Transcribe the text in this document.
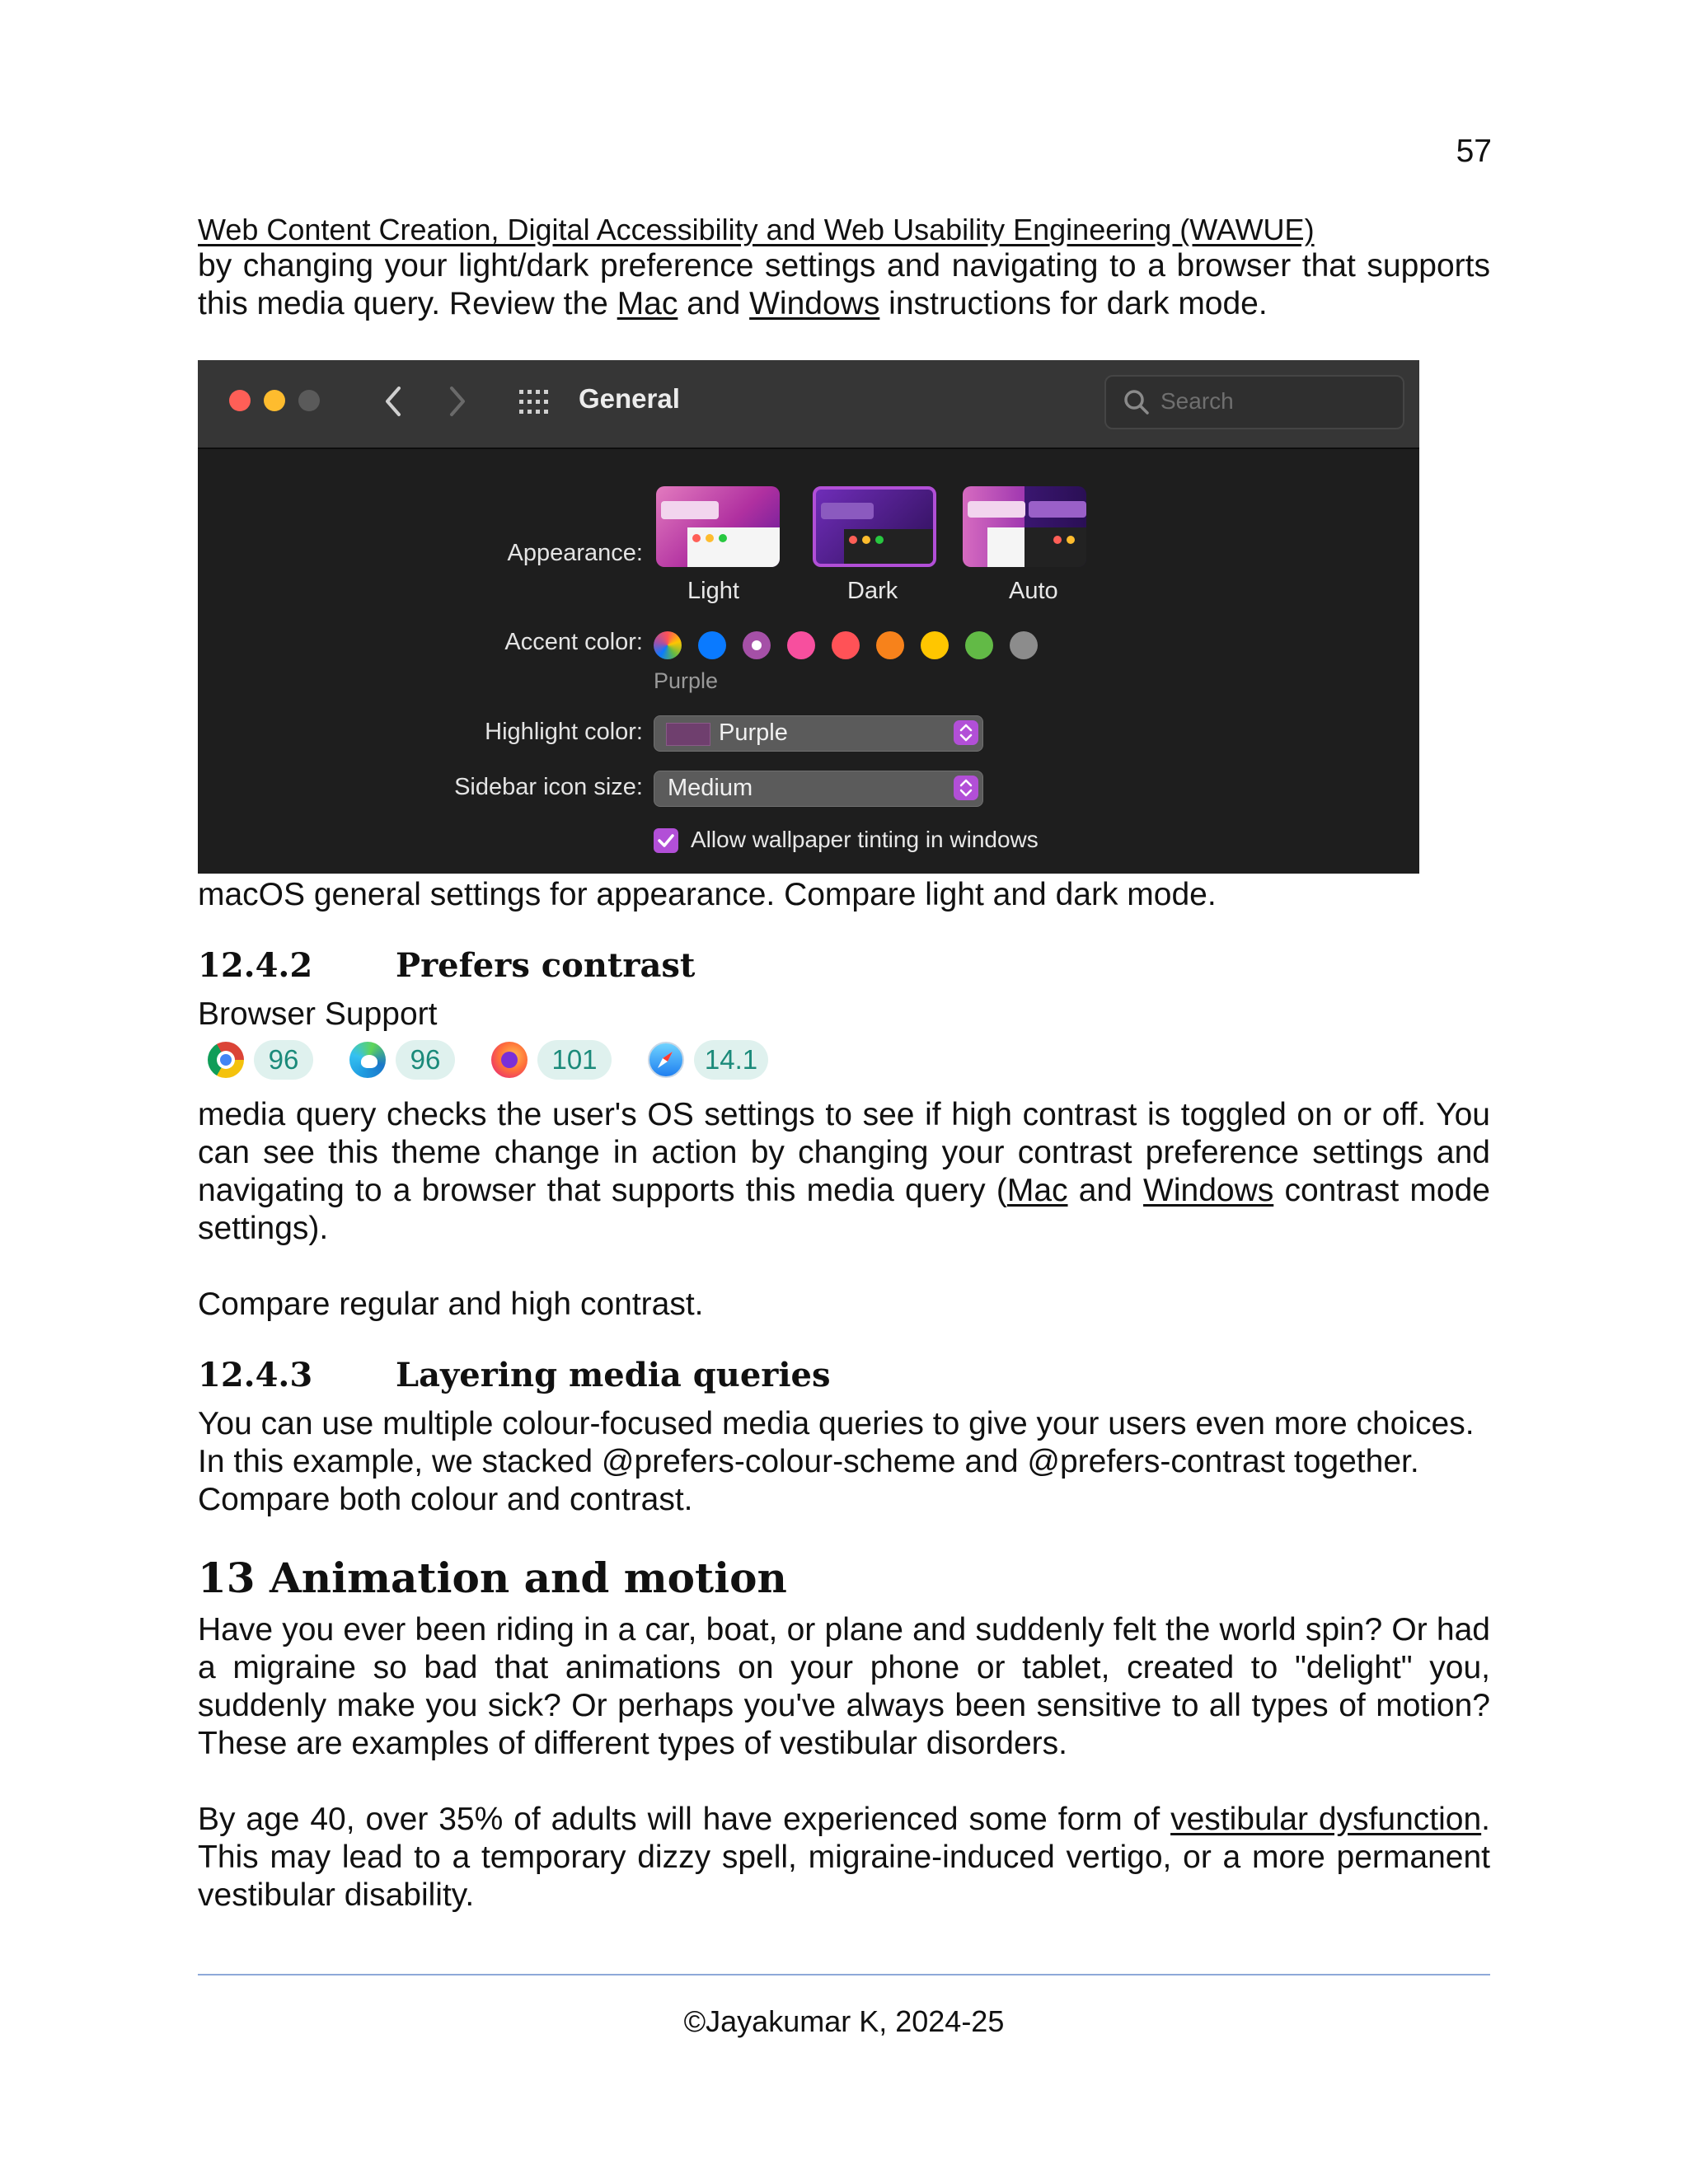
57
Web Content Creation, Digital Accessibility and Web Usability Engineering (WAWUE)
by changing your light/dark preference settings and navigating to a browser that supports this media query. Review the Mac and Windows instructions for dark mode.
General	Search
Appearance:
Light	Dark	Auto
Accent color:
Purple
Highlight color:	Purple
Sidebar icon size: Medium
Allow wallpaper tinting in windows
macOS general settings for appearance. Compare light and dark mode.
12.4.2	Prefers contrast
Browser Support
96	96	101	14.1
media query checks the user's OS settings to see if high contrast is toggled on or off. You can see this theme change in action by changing your contrast preference settings and navigating to a browser that supports this media query (Mac and Windows contrast mode settings).
Compare regular and high contrast.
12.4.3	Layering media queries
You can use multiple colour-focused media queries to give your users even more choices. In this example, we stacked @prefers-colour-scheme and @prefers-contrast together. Compare both colour and contrast.
13 Animation and motion
Have you ever been riding in a car, boat, or plane and suddenly felt the world spin? Or had a migraine so bad that animations on your phone or tablet, created to "delight" you, suddenly make you sick? Or perhaps you've always been sensitive to all types of motion? These are examples of different types of vestibular disorders.
By age 40, over 35% of adults will have experienced some form of vestibular dysfunction. This may lead to a temporary dizzy spell, migraine-induced vertigo, or a more permanent vestibular disability.
©Jayakumar K, 2024-25
